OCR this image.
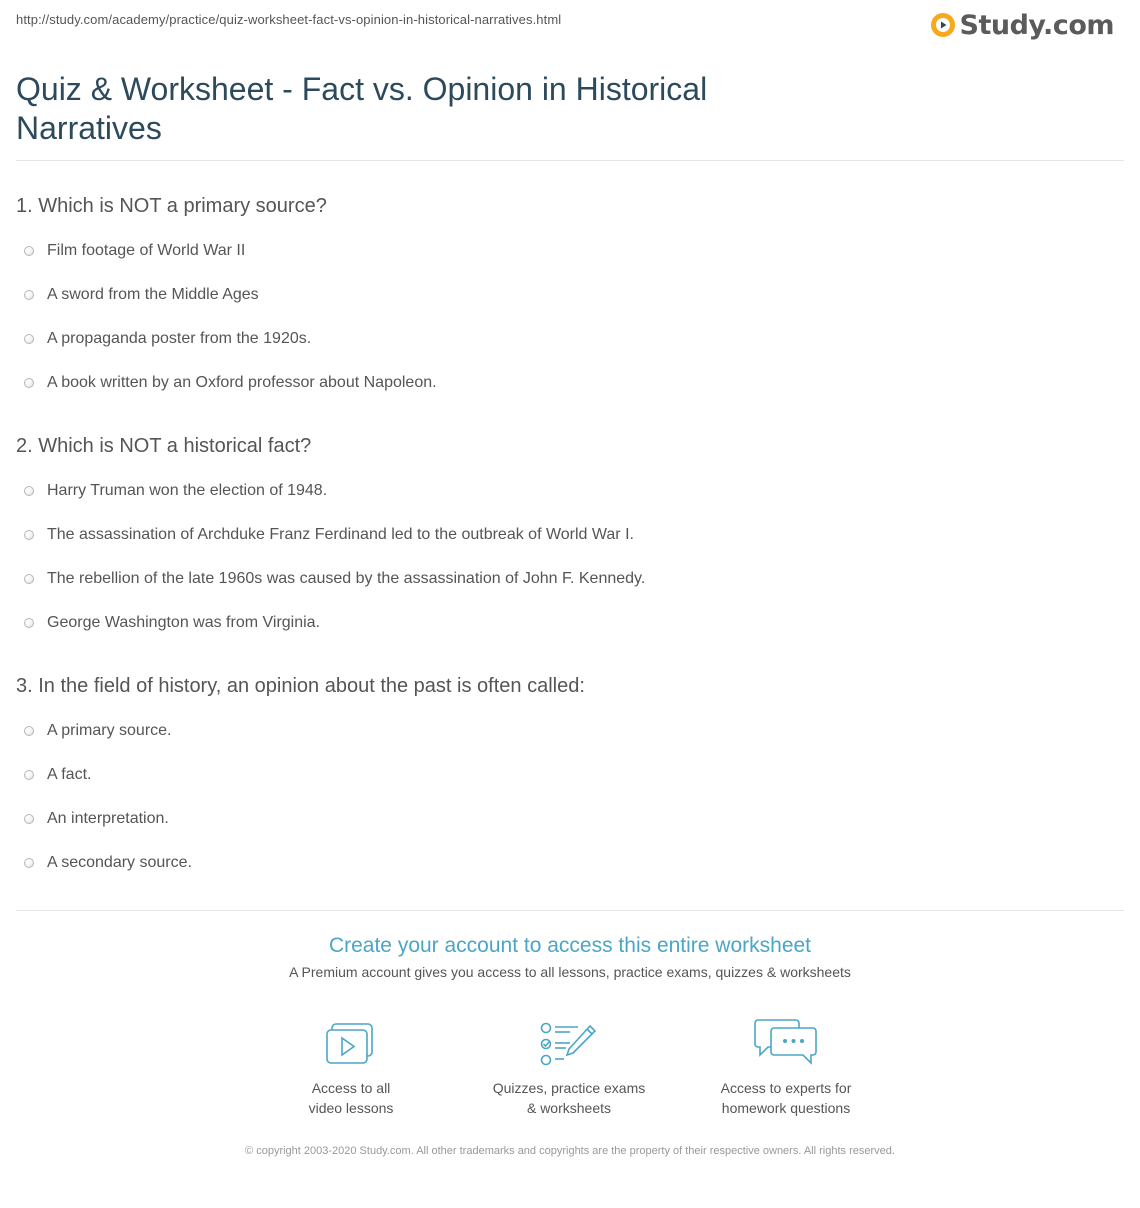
http://study.com/academy/practice/quiz-worksheet-fact-vs-opinion-in-historical-narratives.html	Study.com
Quiz & Worksheet - Fact vs. Opinion in Historical Narratives

1. Which is NOT a primary source?

Film footage of World War II
A sword from the Middle Ages
A propaganda poster from the 1920s.
A book written by an Oxford professor about Napoleon.

2. Which is NOT a historical fact?

Harry Truman won the election of 1948.
The assassination of Archduke Franz Ferdinand led to the outbreak of World War I.
The rebellion of the late 1960s was caused by the assassination of John F. Kennedy.
George Washington was from Virginia.

3. In the field of history, an opinion about the past is often called:

A primary source.
A fact.
An interpretation.
A secondary source.
Create your account to access this entire worksheet
A Premium account gives you access to all lessons, practice exams, quizzes & worksheets
Access to all
video lessons
Quizzes, practice exams
& worksheets
Access to experts for
homework questions
© copyright 2003-2020 Study.com. All other trademarks and copyrights are the property of their respective owners. All rights reserved.
